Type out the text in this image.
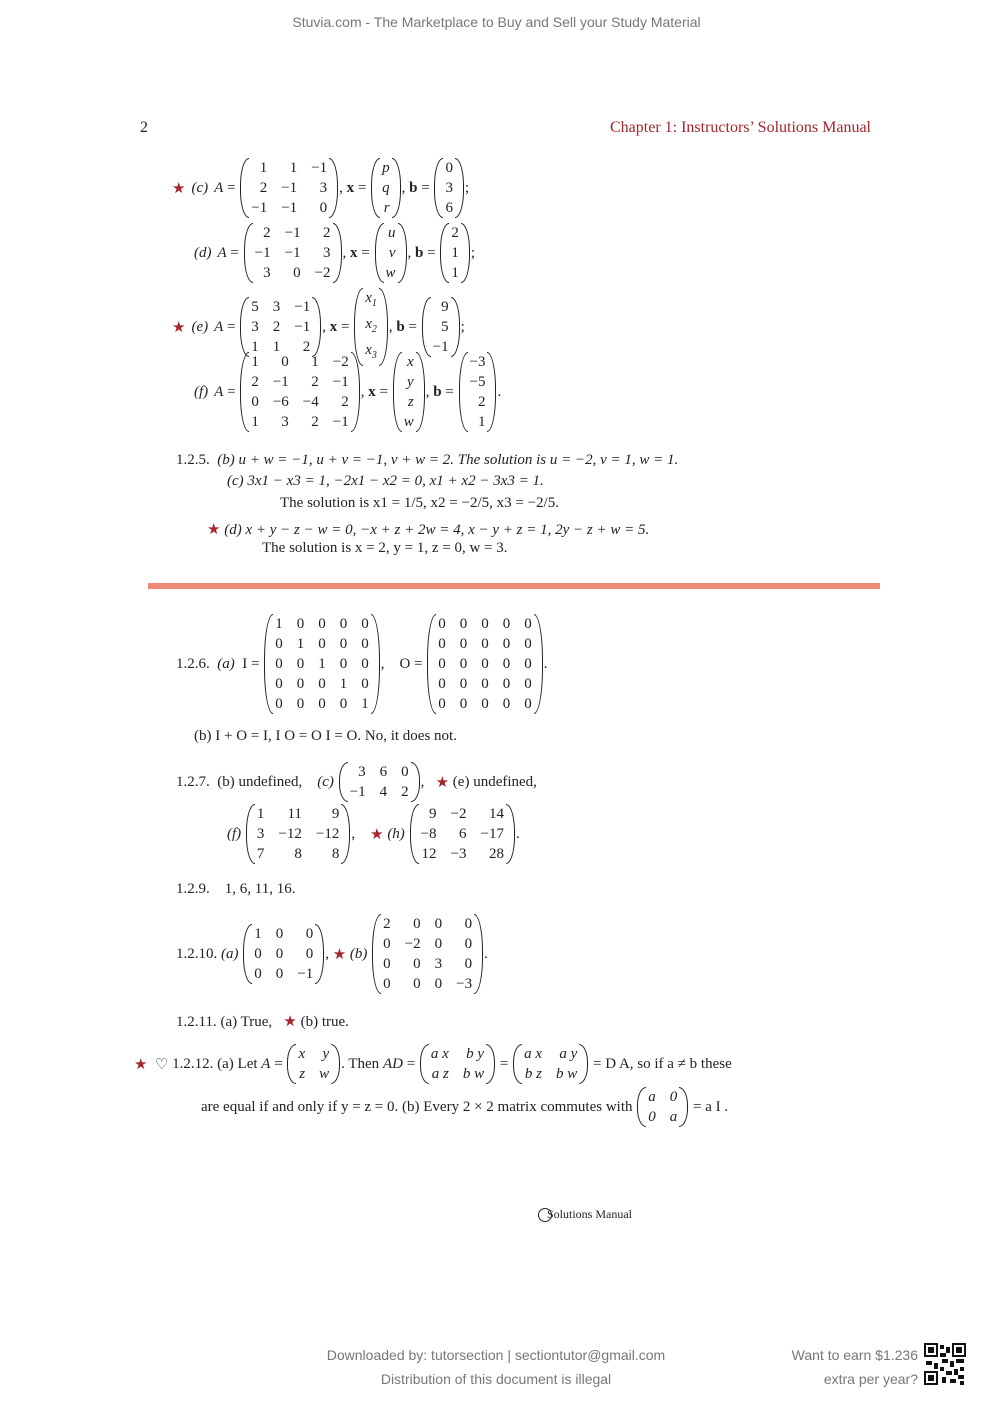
Stuvia.com - The Marketplace to Buy and Sell your Study Material
2	Chapter 1: Instructors’ Solutions Manual
★ (c) A =
1	1 −1
2 −1	3
−1 −1	0
, x =
p
q
r
, b =
0
3
6
;
(d) A =
2 −1	2
−1 −1	3
3	0 −2
, x =
u
v
w
, b =
2
1
1
;
★ (e) A =
5 3 −1
3 2 −1
1 1	2
, x =
$x_1$
$x_2$
$x_3$
, b =
9
5
−1
;
(f) A =
1	0	1 −2
2 −1	2 −1
0 −6 −4	2
1	3	2 −1
, x =
x
y
z
w
, b =
−3
−5
2
1
.
1.2.5. (b) u + w = −1, u + v = −1, v + w = 2. The solution is u = −2, v = 1, w = 1.
(c) 3x1 − x3 = 1, −2x1 − x2 = 0, x1 + x2 − 3x3 = 1.
The solution is x1 = 1/5, x2 = −2/5, x3 = −2/5.
★ (d) x + y − z − w = 0, −x + z + 2w = 4, x − y + z = 1, 2y − z + w = 5.
The solution is x = 2, y = 1, z = 0, w = 3.
1.2.6.
(a) I =
1 0 0 0 0
0 1 0 0 0
0 0 1 0 0
0 0 0 1 0
0 0 0 0 1
,    O =
0 0 0 0 0
0 0 0 0 0
0 0 0 0 0
0 0 0 0 0
0 0 0 0 0
.
(b) I + O = I, I O = O I = O. No, it does not.
1.2.7.
(b) undefined,
(c)

3 6 0
−1 4 2
, ★
(e) undefined,
(f)

1	11	9
3 −12 −12
7	8	8
, ★
(h)

9 −2	14
−8	6 −17
12 −3	28
.
1.2.9. 1, 6, 11, 16.
1.2.10.
(a)

1 0	0
0 0	0
0 0 −1
, ★
(b)

2	0 0	0
0 −2 0	0
0	0 3	0
0	0 0 −3
.
1.2.11. (a) True, ★ (b) true.
★
♡
1.2.12.
(a) Let
A =
x y
z w
. Then
AD =
a x b y
a z b w
=
a x a y
b z b w

= D A, so if a ≠ b these
are equal if and only if y = z = 0. (b) Every 2 × 2 matrix commutes with

a 0
0 a

= a I .
Solutions Manual
Downloaded by: tutorsection | sectiontutor@gmail.com
Distribution of this document is illegal
Want to earn $1.236
extra per year?
